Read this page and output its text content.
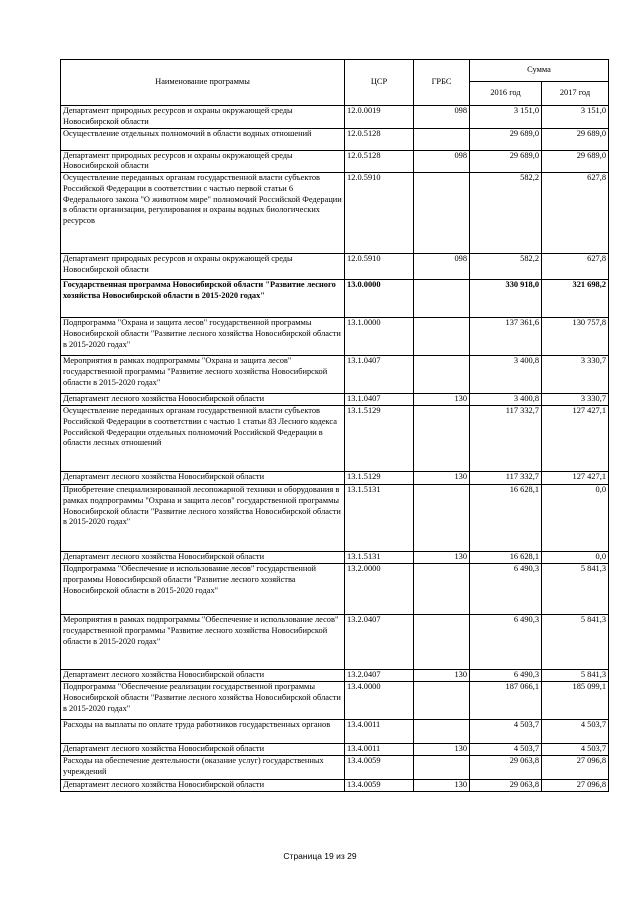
Наименование программы	ЦСР	ГРБС	Сумма	
			2016 год	2017 год
Департамент природных ресурсов и охраны окружающей среды Новосибирской области	12.0.0019	098	3 151,0	3 151,0
Осуществление отдельных полномочий в области водных отношений	12.0.5128		29 689,0	29 689,0
Департамент природных ресурсов и охраны окружающей среды Новосибирской области	12.0.5128	098	29 689,0	29 689,0
Осуществление переданных органам государственной власти субъектов Российской Федерации в соответствии с частью первой статьи 6 Федерального закона "О животном мире" полномочий Российской Федерации в области организации, регулирования и охраны водных биологических ресурсов	12.0.5910		582,2	627,8
Департамент природных ресурсов и охраны окружающей среды Новосибирской области	12.0.5910	098	582,2	627,8
Государственная программа Новосибирской области "Развитие лесного хозяйства Новосибирской области в 2015-2020 годах"	13.0.0000		330 918,0	321 698,2
Подпрограмма "Охрана и защита лесов" государственной программы Новосибирской области "Развитие лесного хозяйства Новосибирской области в 2015-2020 годах"	13.1.0000		137 361,6	130 757,8
Мероприятия в рамках подпрограммы "Охрана и защита лесов" государственной программы "Развитие лесного хозяйства Новосибирской области в 2015-2020 годах"	13.1.0407		3 400,8	3 330,7
Департамент лесного хозяйства Новосибирской области	13.1.0407	130	3 400,8	3 330,7
Осуществление переданных органам государственной власти субъектов Российской Федерации в соответствии с частью 1 статьи 83 Лесного кодекса Российской Федерации отдельных полномочий Российской Федерации в области лесных отношений	13.1.5129		117 332,7	127 427,1
Департамент лесного хозяйства Новосибирской области	13.1.5129	130	117 332,7	127 427,1
Приобретение специализированной лесопожарной техники и оборудования в рамках подпрограммы "Охрана и защита лесов" государственной программы Новосибирской области "Развитие лесного хозяйства Новосибирской области в 2015-2020 годах"	13.1.5131		16 628,1	0,0
Департамент лесного хозяйства Новосибирской области	13.1.5131	130	16 628,1	0,0
Подпрограмма "Обеспечение и использование лесов" государственной программы Новосибирской области "Развитие лесного хозяйства Новосибирской области в 2015-2020 годах"	13.2.0000		6 490,3	5 841,3
Мероприятия в рамках подпрограммы "Обеспечение и использование лесов" государственной программы "Развитие лесного хозяйства Новосибирской области в 2015-2020 годах"	13.2.0407		6 490,3	5 841,3
Департамент лесного хозяйства Новосибирской области	13.2.0407	130	6 490,3	5 841,3
Подпрограмма "Обеспечение реализации государственной программы Новосибирской области "Развитие лесного хозяйства Новосибирской области в 2015-2020 годах"	13.4.0000		187 066,1	185 099,1
Расходы на выплаты по оплате труда работников государственных органов	13.4.0011		4 503,7	4 503,7
Департамент лесного хозяйства Новосибирской области	13.4.0011	130	4 503,7	4 503,7
Расходы на обеспечение деятельности (оказание услуг) государственных учреждений	13.4.0059		29 063,8	27 096,8
Департамент лесного хозяйства Новосибирской области	13.4.0059	130	29 063,8	27 096,8
Страница 19 из 29
